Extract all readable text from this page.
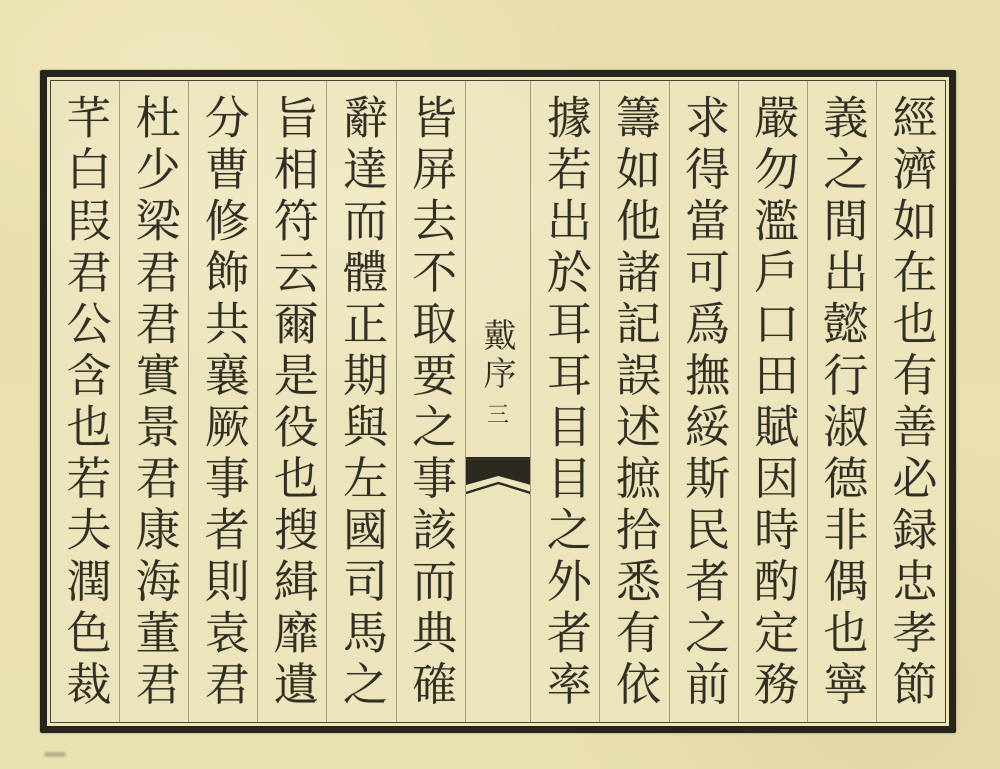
經濟如在也有善必録忠孝節
義之間出懿行淑德非偶也寧
嚴勿濫戶口田賦因時酌定務
求得當可爲撫綏斯民者之前
籌如他諸記誤述摭拾悉有依
據若出於耳耳目目之外者率
戴序
三
皆屏去不取要之事該而典確
辭達而體正期與左國司馬之
旨相符云爾是役也搜緝靡遺
分曹修飾共襄厥事者則袁君
杜少梁君君實景君康海董君
芊白叚君公含也若夫潤色裁
